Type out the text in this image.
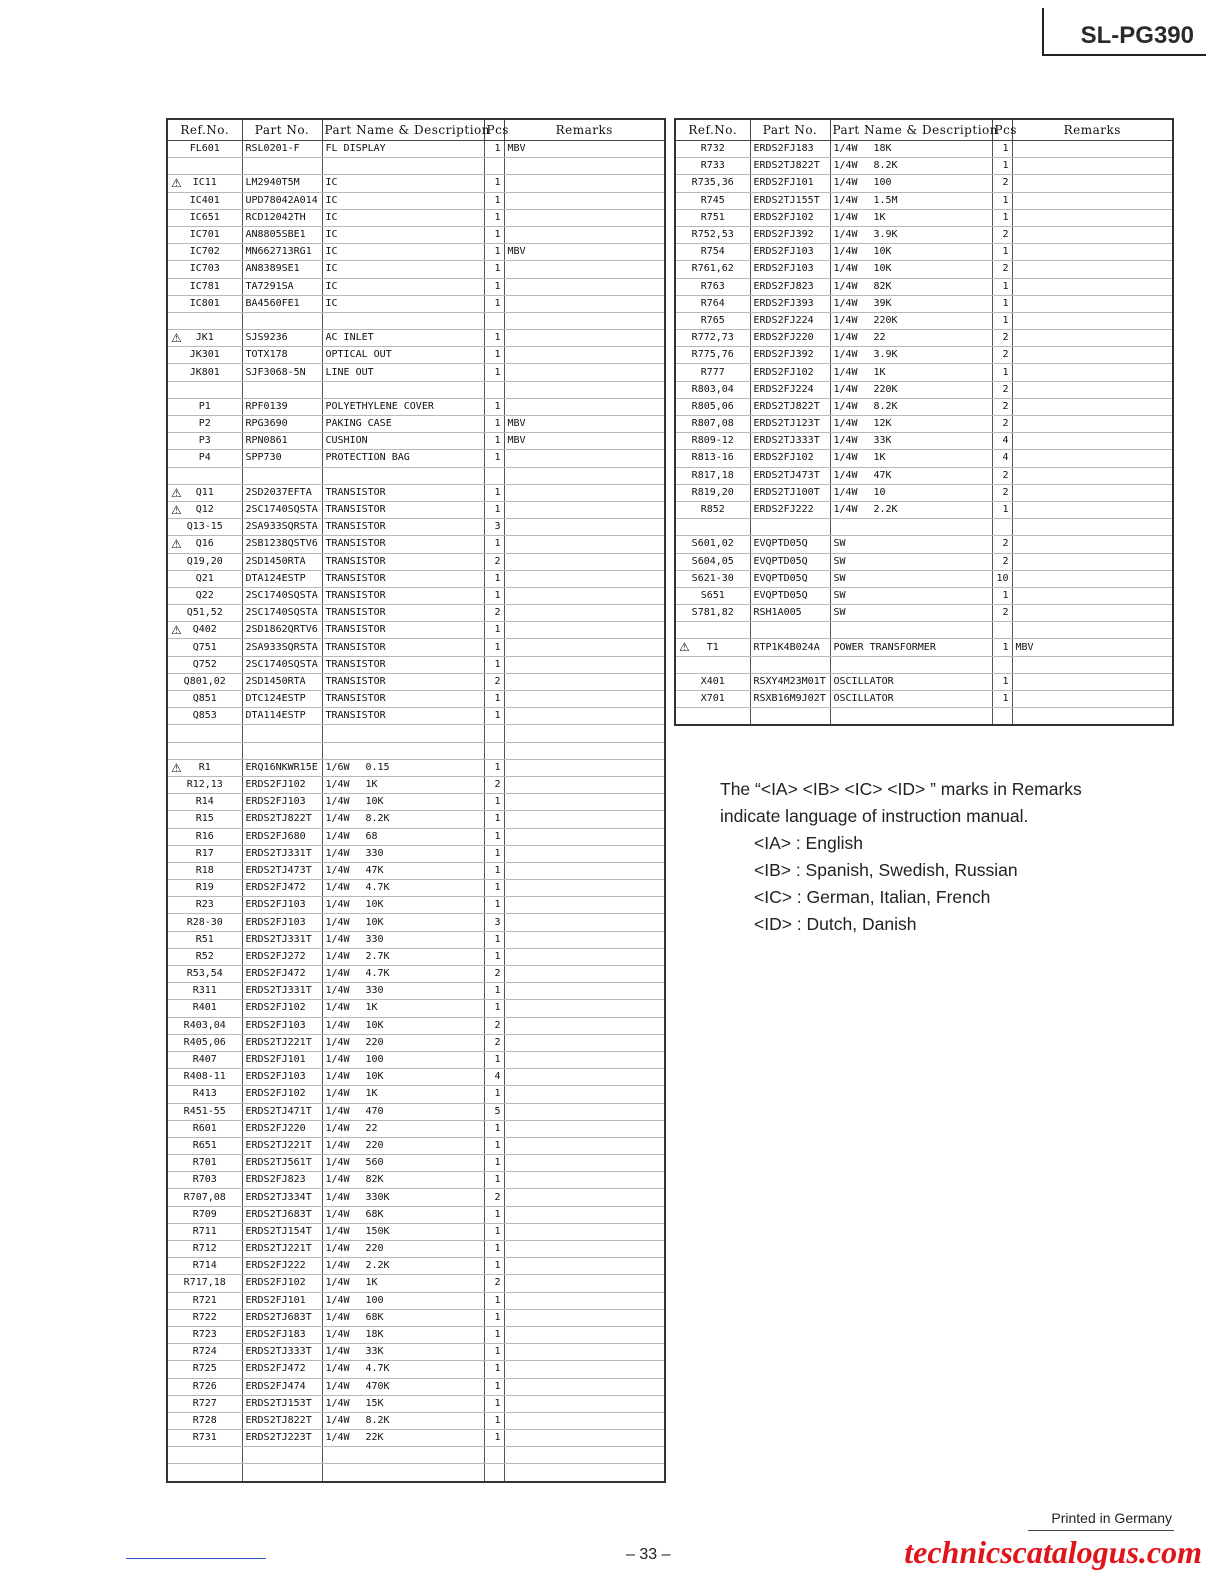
SL-PG390
Ref.No.	Part No.	Part Name & Description	Pcs	Remarks
FL601	RSL0201-F	FL DISPLAY	1	MBV

⚠ IC11	LM2940T5M	IC	1	
IC401	UPD78042A014	IC	1	
IC651	RCD12042TH	IC	1	
IC701	AN8805SBE1	IC	1	
IC702	MN662713RG1	IC	1	MBV
IC703	AN8389SE1	IC	1	
IC781	TA7291SA	IC	1	
IC801	BA4560FE1	IC	1	

⚠ JK1	SJS9236	AC INLET	1	
JK301	TOTX178	OPTICAL OUT	1	
JK801	SJF3068-5N	LINE OUT	1	

P1	RPF0139	POLYETHYLENE COVER	1	
P2	RPG3690	PAKING CASE	1	MBV
P3	RPN0861	CUSHION	1	MBV
P4	SPP730	PROTECTION BAG	1	

⚠ Q11	2SD2037EFTA	TRANSISTOR	1	

⚠ Q12	2SC1740SQSTA	TRANSISTOR	1	
Q13-15	2SA933SQRSTA	TRANSISTOR	3	

⚠ Q16	2SB1238QSTV6	TRANSISTOR	1	
Q19,20	2SD1450RTA	TRANSISTOR	2	
Q21	DTA124ESTP	TRANSISTOR	1	
Q22	2SC1740SQSTA	TRANSISTOR	1	
Q51,52	2SC1740SQSTA	TRANSISTOR	2	

⚠ Q402	2SD1862QRTV6	TRANSISTOR	1	
Q751	2SA933SQRSTA	TRANSISTOR	1	
Q752	2SC1740SQSTA	TRANSISTOR	1	
Q801,02	2SD1450RTA	TRANSISTOR	2	
Q851	DTC124ESTP	TRANSISTOR	1	
Q853	DTA114ESTP	TRANSISTOR	1	

⚠ R1	ERQ16NKWR15E	1/6W 0.15	1	
R12,13	ERDS2FJ102	1/4W 1K	2	
R14	ERDS2FJ103	1/4W 10K	1	
R15	ERDS2TJ822T	1/4W 8.2K	1	
R16	ERDS2FJ680	1/4W 68	1	
R17	ERDS2TJ331T	1/4W 330	1	
R18	ERDS2TJ473T	1/4W 47K	1	
R19	ERDS2FJ472	1/4W 4.7K	1	
R23	ERDS2FJ103	1/4W 10K	1	
R28-30	ERDS2FJ103	1/4W 10K	3	
R51	ERDS2TJ331T	1/4W 330	1	
R52	ERDS2FJ272	1/4W 2.7K	1	
R53,54	ERDS2FJ472	1/4W 4.7K	2	
R311	ERDS2TJ331T	1/4W 330	1	
R401	ERDS2FJ102	1/4W 1K	1	
R403,04	ERDS2FJ103	1/4W 10K	2	
R405,06	ERDS2TJ221T	1/4W 220	2	
R407	ERDS2FJ101	1/4W 100	1	
R408-11	ERDS2FJ103	1/4W 10K	4	
R413	ERDS2FJ102	1/4W 1K	1	
R451-55	ERDS2TJ471T	1/4W 470	5	
R601	ERDS2FJ220	1/4W 22	1	
R651	ERDS2TJ221T	1/4W 220	1	
R701	ERDS2TJ561T	1/4W 560	1	
R703	ERDS2FJ823	1/4W 82K	1	
R707,08	ERDS2TJ334T	1/4W 330K	2	
R709	ERDS2TJ683T	1/4W 68K	1	
R711	ERDS2TJ154T	1/4W 150K	1	
R712	ERDS2TJ221T	1/4W 220	1	
R714	ERDS2FJ222	1/4W 2.2K	1	
R717,18	ERDS2FJ102	1/4W 1K	2	
R721	ERDS2FJ101	1/4W 100	1	
R722	ERDS2TJ683T	1/4W 68K	1	
R723	ERDS2FJ183	1/4W 18K	1	
R724	ERDS2TJ333T	1/4W 33K	1	
R725	ERDS2FJ472	1/4W 4.7K	1	
R726	ERDS2FJ474	1/4W 470K	1	
R727	ERDS2TJ153T	1/4W 15K	1	
R728	ERDS2TJ822T	1/4W 8.2K	1	
R731	ERDS2TJ223T	1/4W 22K	1	

Ref.No.	Part No.	Part Name & Description	Pcs	Remarks
R732	ERDS2FJ183	1/4W 18K	1	
R733	ERDS2TJ822T	1/4W 8.2K	1	
R735,36	ERDS2FJ101	1/4W 100	2	
R745	ERDS2TJ155T	1/4W 1.5M	1	
R751	ERDS2FJ102	1/4W 1K	1	
R752,53	ERDS2FJ392	1/4W 3.9K	2	
R754	ERDS2FJ103	1/4W 10K	1	
R761,62	ERDS2FJ103	1/4W 10K	2	
R763	ERDS2FJ823	1/4W 82K	1	
R764	ERDS2FJ393	1/4W 39K	1	
R765	ERDS2FJ224	1/4W 220K	1	
R772,73	ERDS2FJ220	1/4W 22	2	
R775,76	ERDS2FJ392	1/4W 3.9K	2	
R777	ERDS2FJ102	1/4W 1K	1	
R803,04	ERDS2FJ224	1/4W 220K	2	
R805,06	ERDS2TJ822T	1/4W 8.2K	2	
R807,08	ERDS2TJ123T	1/4W 12K	2	
R809-12	ERDS2TJ333T	1/4W 33K	4	
R813-16	ERDS2FJ102	1/4W 1K	4	
R817,18	ERDS2TJ473T	1/4W 47K	2	
R819,20	ERDS2TJ100T	1/4W 10	2	
R852	ERDS2FJ222	1/4W 2.2K	1	

S601,02	EVQPTD05Q	SW	2	
S604,05	EVQPTD05Q	SW	2	
S621-30	EVQPTD05Q	SW	10	
S651	EVQPTD05Q	SW	1	
S781,82	RSH1A005	SW	2	

⚠ T1	RTP1K4B024A	POWER TRANSFORMER	1	MBV

X401	RSXY4M23M01T	OSCILLATOR	1	
X701	RSXB16M9J02T	OSCILLATOR	1	

The “<IA> <IB> <IC> <ID> ” marks in Remarks
indicate language of instruction manual.
<IA> : English
<IB> : Spanish, Swedish, Russian
<IC> : German, Italian, French
<ID> : Dutch, Danish
Printed in Germany
– 33 –	technicscatalogus.com
